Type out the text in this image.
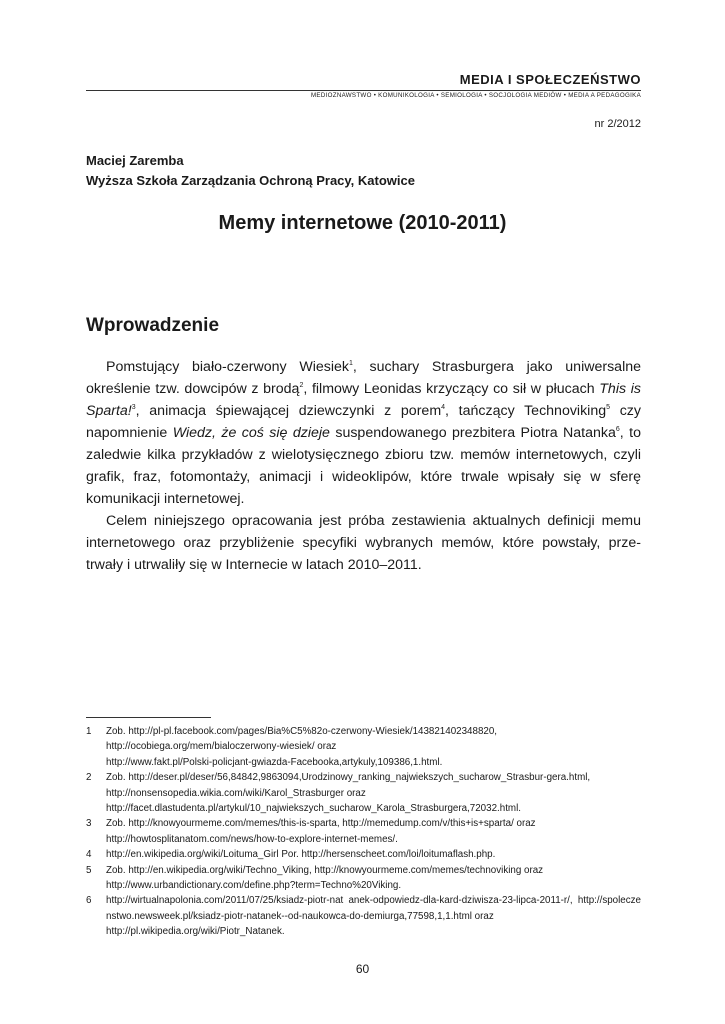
MEDIA I SPOŁECZEŃSTWO
MEDIOZNAWSTWO • KOMUNIKOLOGIA • SEMIOLOGIA • SOCJOLOGIA MEDIÓW • MEDIA A PEDAGOGIKA
nr 2/2012
Maciej Zaremba
Wyższa Szkoła Zarządzania Ochroną Pracy, Katowice
Memy internetowe (2010-2011)
Wprowadzenie

Pomstujący biało-czerwony Wiesiek$^1$, suchary Strasburgera jako uniwersalne określenie tzw. dowcipów z brodą$^2$, filmowy Leonidas krzyczący co sił w płucach This is Sparta!$^3$, animacja śpiewającej dziewczynki z porem$^4$, tańczący Technoviking$^5$ czy napomnienie Wiedz, że coś się dzieje suspendowanego prezbitera Piotra Natanka$^6$, to zaledwie kilka przykładów z wielotysięcznego zbioru tzw. memów internetowych, czyli grafik, fraz, fotomontaży, animacji i wideoklipów, które trwale wpisały się w sferę komunikacji internetowej.

Celem niniejszego opracowania jest próba zestawienia aktualnych definicji memu internetowego oraz przybliżenie specyfiki wybranych memów, które powstały, prze-trwały i utrwaliły się w Internecie w latach 2010–2011.

1	Zob. http://pl-pl.facebook.com/pages/Bia%C5%82o-czerwony-Wiesiek/143821402348820,
http://ocobiega.org/mem/bialoczerwony-wiesiek/ oraz
http://www.fakt.pl/Polski-policjant-gwiazda-Facebooka,artykuly,109386,1.html.
2	Zob. http://deser.pl/deser/56,84842,9863094,Urodzinowy_ranking_najwiekszych_sucharow_Strasbur-gera.html,
http://nonsensopedia.wikia.com/wiki/Karol_Strasburger oraz
http://facet.dlastudenta.pl/artykul/10_najwiekszych_sucharow_Karola_Strasburgera,72032.html.
3	Zob. http://knowyourmeme.com/memes/this-is-sparta, http://memedump.com/v/this+is+sparta/ oraz
http://howtosplitanatom.com/news/how-to-explore-internet-memes/.
4	http://en.wikipedia.org/wiki/Loituma_Girl Por. http://hersenscheet.com/loi/loitumaflash.php.
5	Zob. http://en.wikipedia.org/wiki/Techno_Viking, http://knowyourmeme.com/memes/technoviking oraz
http://www.urbandictionary.com/define.php?term=Techno%20Viking.
6	http://wirtualnapolonia.com/2011/07/25/ksiadz-piotr-nat anek-odpowiedz-dla-kard-dziwisza-23-lipca-2011-r/, http://spoleczenstwo.newsweek.pl/ksiadz-piotr-natanek--od-naukowca-do-demiurga,77598,1,1.html oraz
http://pl.wikipedia.org/wiki/Piotr_Natanek.
60
